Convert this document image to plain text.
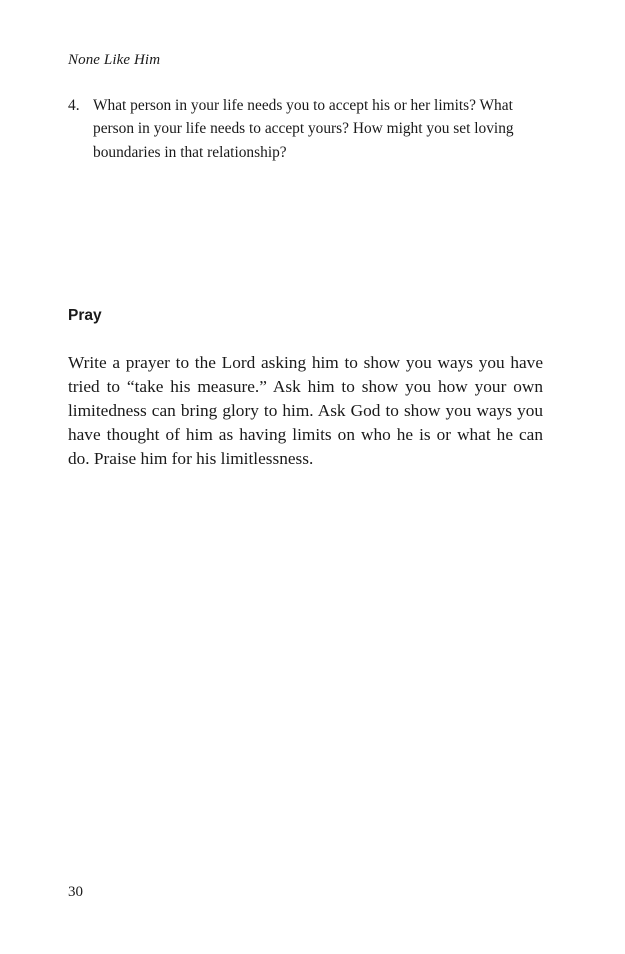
None Like Him
4. What person in your life needs you to accept his or her limits? What person in your life needs to accept yours? How might you set loving boundaries in that relationship?
Pray

Write a prayer to the Lord asking him to show you ways you have tried to “take his measure.” Ask him to show you how your own limitedness can bring glory to him. Ask God to show you ways you have thought of him as having limits on who he is or what he can do. Praise him for his limitlessness.

30
